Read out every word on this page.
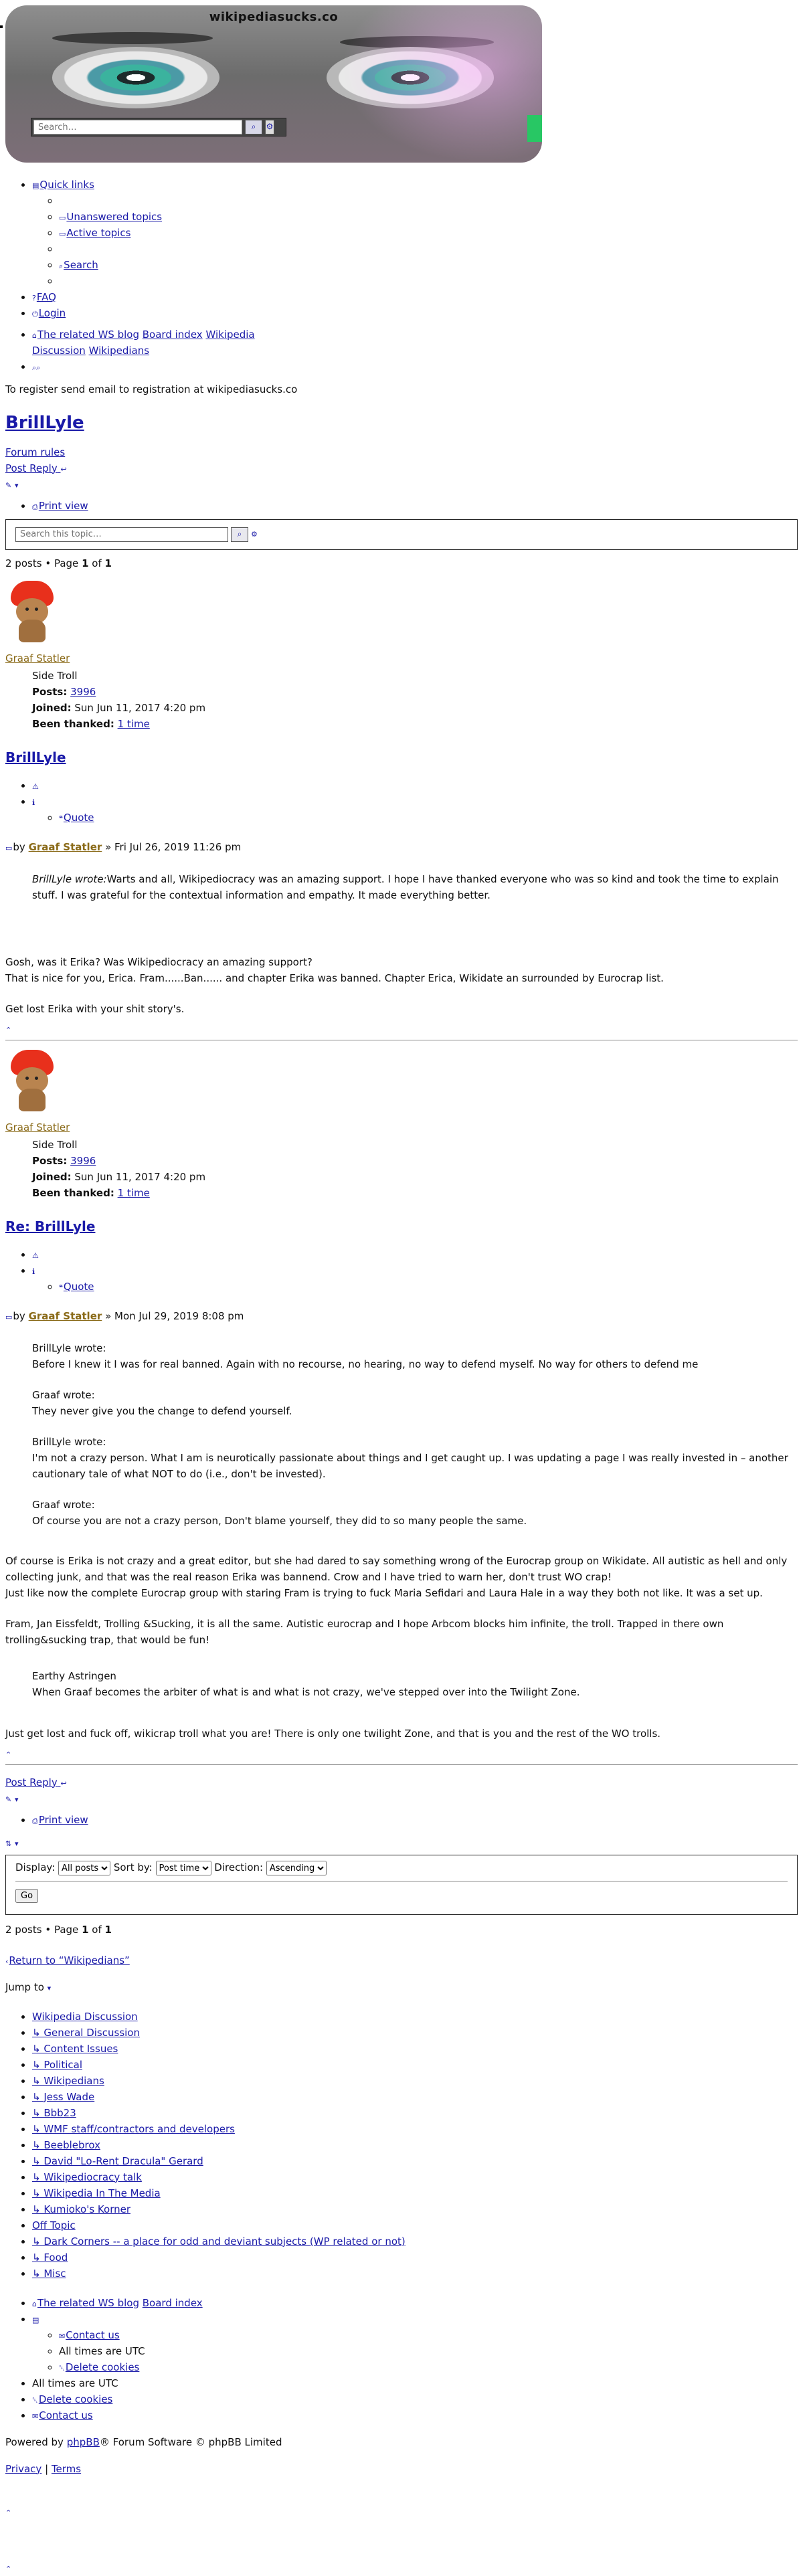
wikipediasucks.co
Search…
⌕	⚙
• ▤Quick links
◦
◦ ▭Unanswered topics
◦ ▭Active topics
◦
◦ ⌕Search
◦
• ?FAQ
• ⏻Login
• ⌂The related WS blog Board index Wikipedia Discussion Wikipedians
• ⌕⌕

To register send email to registration at wikipediasucks.co

BrillLyle
Forum rules
Post Reply ↩
✎ ▾
• ⎙Print view
Search this topic…
⌕	⚙
2 posts • Page 1 of 1
Graaf Statler
Side Troll
Posts: 3996
Joined: Sun Jun 11, 2017 4:20 pm
Been thanked: 1 time
BrillLyle
• ⚠
• ℹ
◦ ❝Quote
▭by Graaf Statler » Fri Jul 26, 2019 11:26 pm
BrillLyle wrote:Warts and all, Wikipediocracy was an amazing support. I hope I have thanked everyone who was so kind and took the time to explain stuff. I was grateful for the contextual information and empathy. It made everything better.

Gosh, was it Erika? Was Wikipediocracy an amazing support?

That is nice for you, Erica. Fram......Ban...... and chapter Erika was banned. Chapter Erica, Wikidate an surrounded by Eurocrap list.

Get lost Erika with your shit story's.

⌃
Graaf Statler
Side Troll
Posts: 3996
Joined: Sun Jun 11, 2017 4:20 pm
Been thanked: 1 time
Re: BrillLyle
• ⚠
• ℹ
◦ ❝Quote
▭by Graaf Statler » Mon Jul 29, 2019 8:08 pm
BrillLyle wrote:
Before I knew it I was for real banned. Again with no recourse, no hearing, no way to defend myself. No way for others to defend me
Graaf wrote:
They never give you the change to defend yourself.
BrillLyle wrote:
I'm not a crazy person. What I am is neurotically passionate about things and I get caught up. I was updating a page I was really invested in – another cautionary tale of what NOT to do (i.e., don't be invested).
Graaf wrote:
Of course you are not a crazy person, Don't blame yourself, they did to so many people the same.

Of course is Erika is not crazy and a great editor, but she had dared to say something wrong of the Eurocrap group on Wikidate. All autistic as hell and only collecting junk, and that was the real reason Erika was bannend. Crow and I have tried to warn her, don't trust WO crap!

Just like now the complete Eurocrap group with staring Fram is trying to fuck Maria Sefidari and Laura Hale in a way they both not like. It was a set up.

Fram, Jan Eissfeldt, Trolling &Sucking, it is all the same. Autistic eurocrap and I hope Arbcom blocks him infinite, the troll. Trapped in there own trolling&sucking trap, that would be fun!

Earthy Astringen
When Graaf becomes the arbiter of what is and what is not crazy, we've stepped over into the Twilight Zone.

Just get lost and fuck off, wikicrap troll what you are! There is only one twilight Zone, and that is you and the rest of the WO trolls.

⌃
Post Reply ↩
✎ ▾
• ⎙Print view
⇅ ▾
Display:
All posts	Sort by:
Post time	Direction:
Ascending
Go
2 posts • Page 1 of 1
‹Return to “Wikipedians”
Jump to ▾
• Wikipedia Discussion
• ↳ General Discussion
• ↳ Content Issues
• ↳ Political
• ↳ Wikipedians
• ↳ Jess Wade
• ↳ Bbb23
• ↳ WMF staff/contractors and developers
• ↳ Beeblebrox
• ↳ David "Lo-Rent Dracula" Gerard
• ↳ Wikipediocracy talk
• ↳ Wikipedia In The Media
• ↳ Kumioko's Korner
• Off Topic
• ↳ Dark Corners -- a place for odd and deviant subjects (WP related or not)
• ↳ Food
• ↳ Misc
• ⌂The related WS blog Board index
• ▤
◦ ✉Contact us
◦ All times are UTC
◦ ␡Delete cookies
• All times are UTC
• ␡Delete cookies
• ✉Contact us
Powered by phpBB® Forum Software © phpBB Limited
Privacy | Terms
⌃
⌃
